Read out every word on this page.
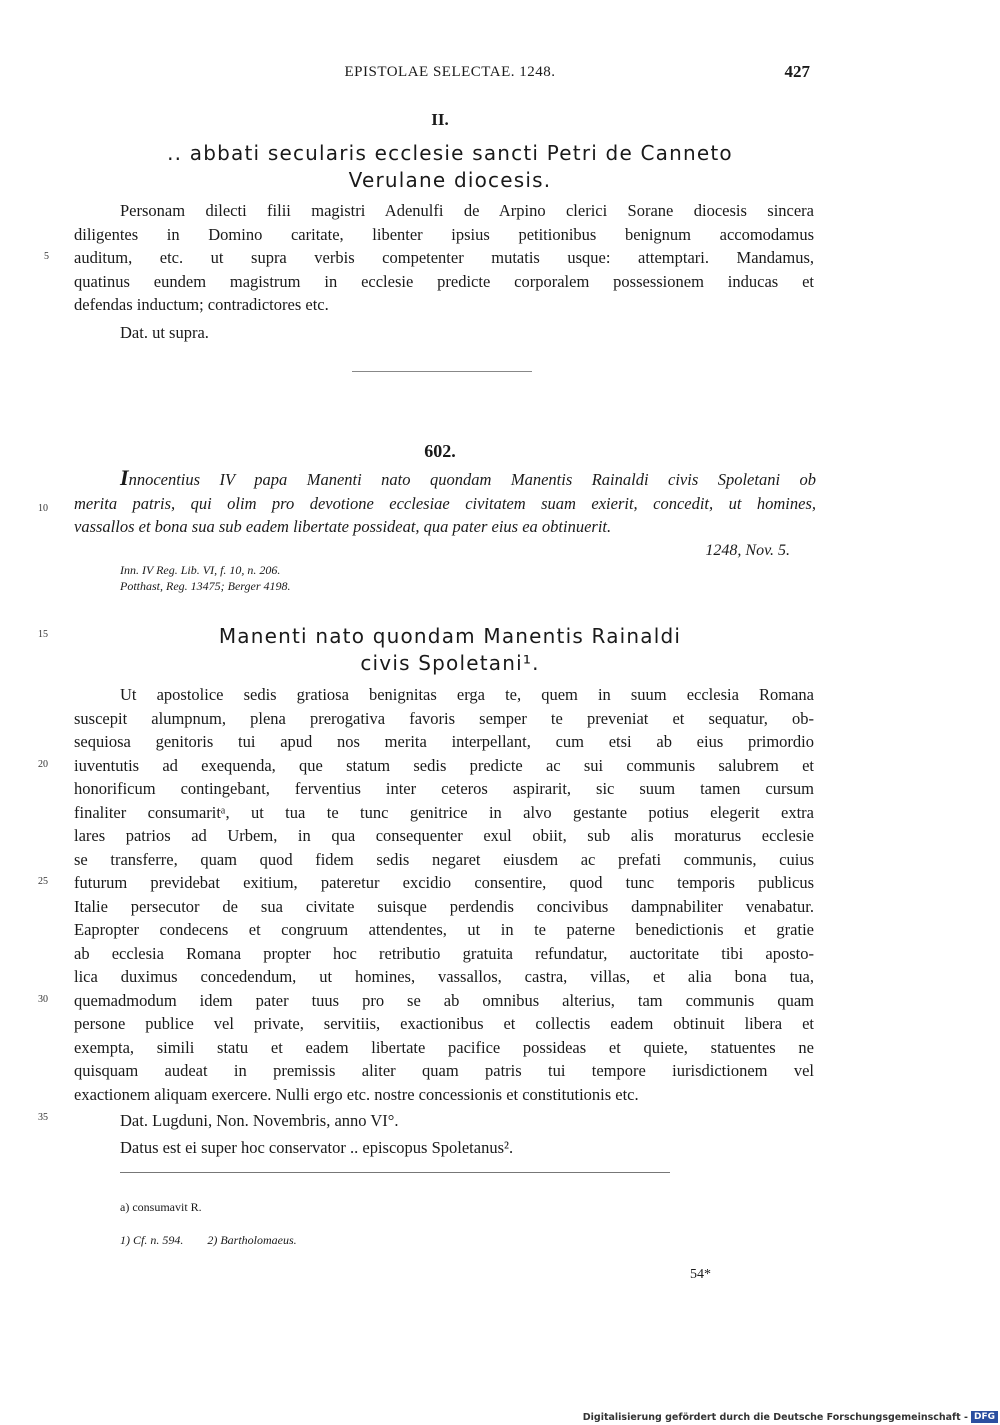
EPISTOLAE SELECTAE. 1248.	427
II.
.. abbati secularis ecclesie sancti Petri de Canneto
Verulane diocesis.
Personam dilecti filii magistri Adenulfi de Arpino clerici Sorane diocesis sincera
diligentes in Domino caritate, libenter ipsius petitionibus benignum accomodamus
auditum, etc. ut supra verbis competenter mutatis usque: attemptari. Mandamus,
quatinus eundem magistrum in ecclesie predicte corporalem possessionem inducas et
defendas inductum; contradictores etc.
Dat. ut supra.
602.
Innocentius IV papa Manenti nato quondam Manentis Rainaldi civis Spoletani ob
merita patris, qui olim pro devotione ecclesiae civitatem suam exierit, concedit, ut homines,
vassallos et bona sua sub eadem libertate possideat, qua pater eius ea obtinuerit.
1248, Nov. 5.
Inn. IV Reg. Lib. VI, f. 10, n. 206.
Potthast, Reg. 13475; Berger 4198.
Manenti nato quondam Manentis Rainaldi
civis Spoletani¹.
Ut apostolice sedis gratiosa benignitas erga te, quem in suum ecclesia Romana
suscepit alumpnum, plena prerogativa favoris semper te preveniat et sequatur, ob-
sequiosa genitoris tui apud nos merita interpellant, cum etsi ab eius primordio
iuventutis ad exequenda, que statum sedis predicte ac sui communis salubrem et
honorificum contingebant, ferventius inter ceteros aspirarit, sic suum tamen cursum
finaliter consumaritᵃ, ut tua te tunc genitrice in alvo gestante potius elegerit extra
lares patrios ad Urbem, in qua consequenter exul obiit, sub alis moraturus ecclesie
se transferre, quam quod fidem sedis negaret eiusdem ac prefati communis, cuius
futurum previdebat exitium, pateretur excidio consentire, quod tunc temporis publicus
Italie persecutor de sua civitate suisque perdendis concivibus dampnabiliter venabatur.
Eapropter condecens et congruum attendentes, ut in te paterne benedictionis et gratie
ab ecclesia Romana propter hoc retributio gratuita refundatur, auctoritate tibi aposto-
lica duximus concedendum, ut homines, vassallos, castra, villas, et alia bona tua,
quemadmodum idem pater tuus pro se ab omnibus alterius, tam communis quam
persone publice vel private, servitiis, exactionibus et collectis eadem obtinuit libera et
exempta, simili statu et eadem libertate pacifice possideas et quiete, statuentes ne
quisquam audeat in premissis aliter quam patris tui tempore iurisdictionem vel
exactionem aliquam exercere. Nulli ergo etc. nostre concessionis et constitutionis etc.
Dat. Lugduni, Non. Novembris, anno VI°.
Datus est ei super hoc conservator .. episcopus Spoletanus².
5
10
15
20
25
30
35
a) consumavit R.
1) Cf. n. 594.        2) Bartholomaeus.
54*
Digitalisierung gefördert durch die Deutsche Forschungsgemeinschaft - DFG
